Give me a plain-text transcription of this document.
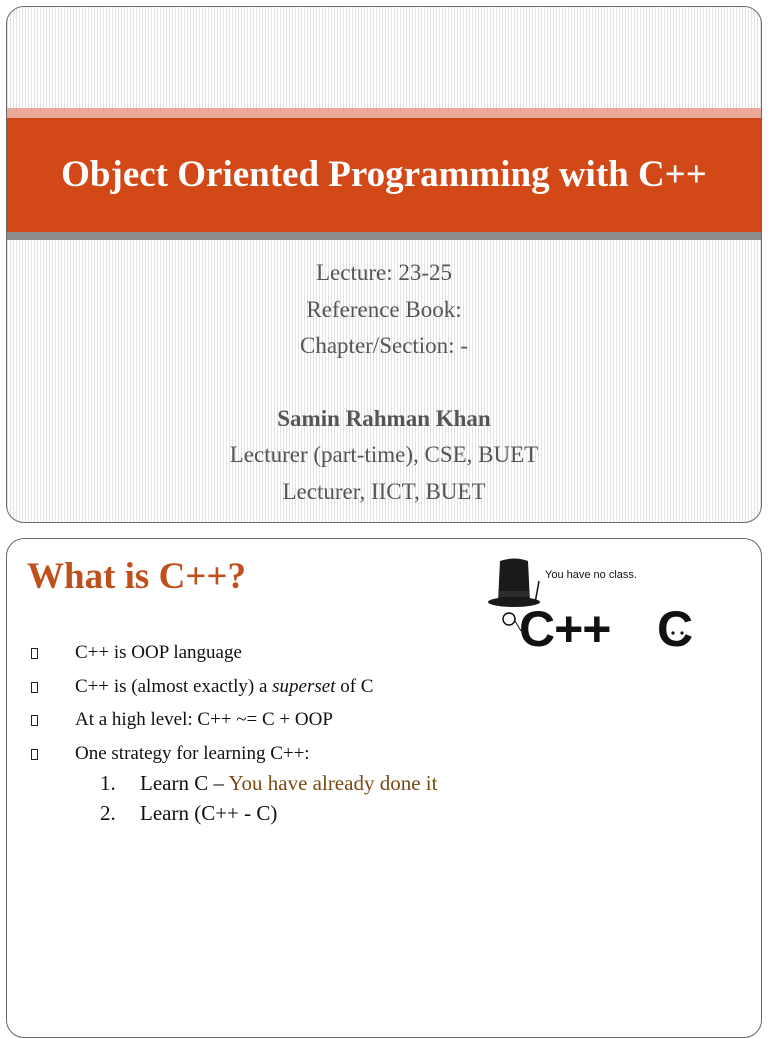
Object Oriented Programming with C++
Lecture: 23-25
Reference Book:
Chapter/Section: -
Samin Rahman Khan
Lecturer (part-time), CSE, BUET
Lecturer, IICT, BUET
What is C++?	You have no class.
C++ C
C++ is OOP language
C++ is (almost exactly) a superset of C
At a high level: C++ ~= C + OOP
One strategy for learning C++:
1. Learn C – You have already done it
2. Learn (C++ - C)
